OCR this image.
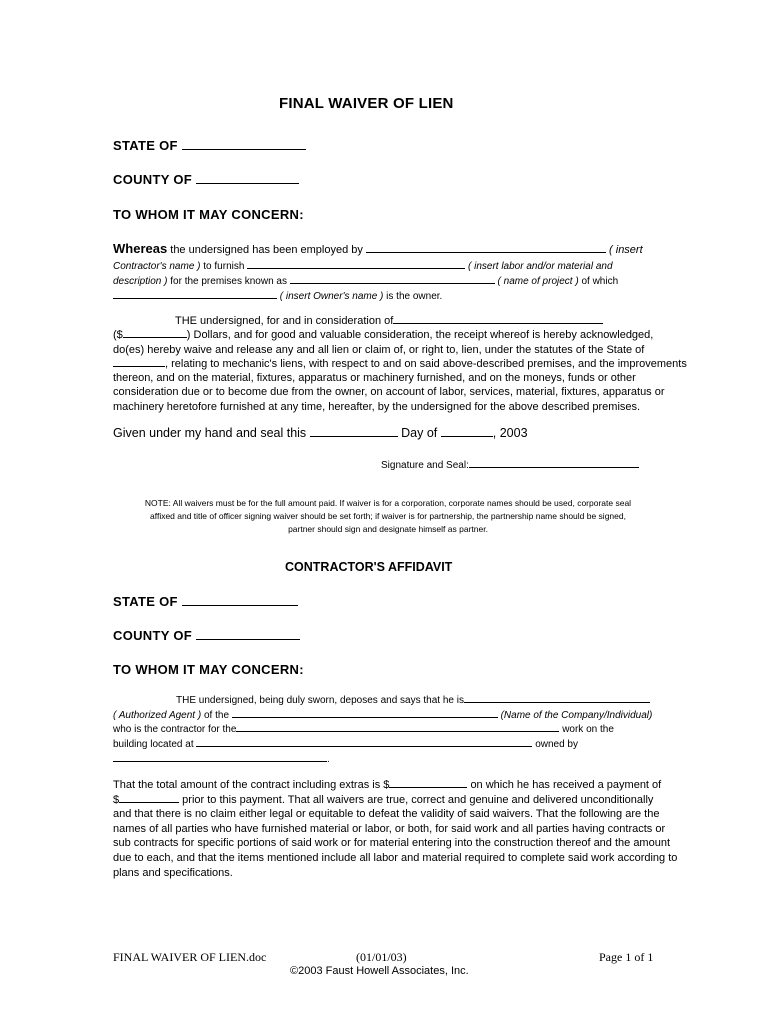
FINAL WAIVER OF LIEN
STATE OF
COUNTY OF
TO WHOM IT MAY CONCERN:
Whereas the undersigned has been employed by	( insert
Contractor's name ) to furnish	( insert labor and/or material and
description ) for the premises known as	( name of project ) of which
( insert Owner's name ) is the owner.
THE undersigned, for and in consideration of
($	) Dollars, and for good and valuable consideration, the receipt whereof is hereby acknowledged,
do(es) hereby waive and release any and all lien or claim of, or right to, lien, under the statutes of the State of
, relating to mechanic's liens, with respect to and on said above-described premises, and the improvements
thereon, and on the material, fixtures, apparatus or machinery furnished, and on the moneys, funds or other
consideration due or to become due from the owner, on account of labor, services, material, fixtures, apparatus or
machinery heretofore furnished at any time, hereafter, by the undersigned for the above described premises.
Given under my hand and seal this	Day of	, 2003
Signature and Seal:
NOTE: All waivers must be for the full amount paid. If waiver is for a corporation, corporate names should be used, corporate seal
affixed and title of officer signing waiver should be set forth; if waiver is for partnership, the partnership name should be signed,
partner should sign and designate himself as partner.
CONTRACTOR'S AFFIDAVIT
STATE OF
COUNTY OF
TO WHOM IT MAY CONCERN:
THE undersigned, being duly sworn, deposes and says that he is
( Authorized Agent ) of the	(Name of the Company/Individual)
who is the contractor for the	work on the
building located at	owned by
.
That the total amount of the contract including extras is $	on which he has received a payment of
$	prior to this payment. That all waivers are true, correct and genuine and delivered unconditionally
and that there is no claim either legal or equitable to defeat the validity of said waivers. That the following are the
names of all parties who have furnished material or labor, or both, for said work and all parties having contracts or
sub contracts for specific portions of said work or for material entering into the construction thereof and the amount
due to each, and that the items mentioned include all labor and material required to complete said work according to
plans and specifications.
FINAL WAIVER OF LIEN.doc	(01/01/03)	Page 1 of 1
©2003 Faust Howell Associates, Inc.
